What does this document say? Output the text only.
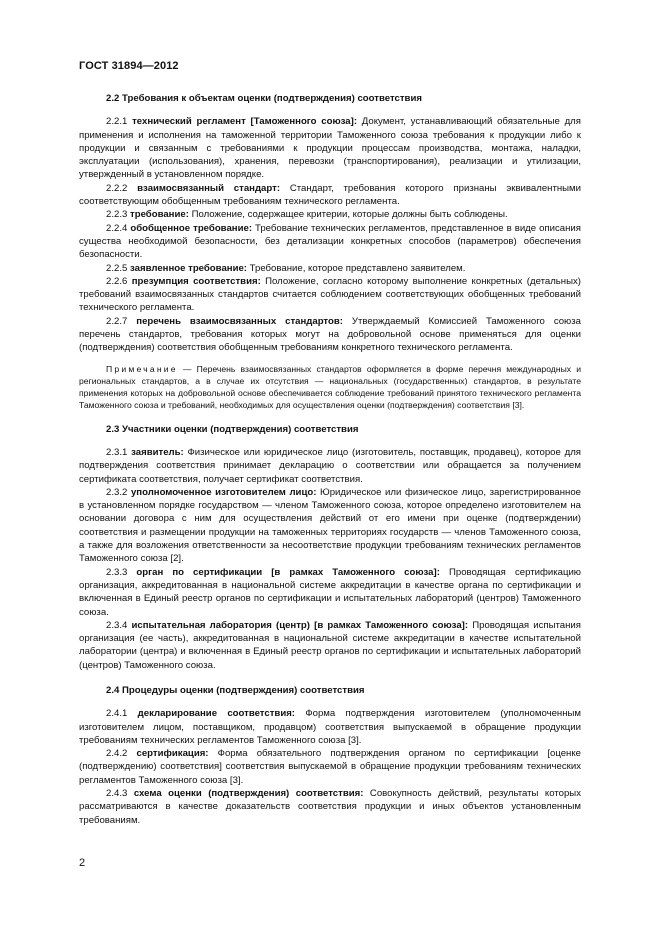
ГОСТ 31894—2012

2.2 Требования к объектам оценки (подтверждения) соответствия

2.2.1 технический регламент [Таможенного союза]: Документ, устанавливающий обязательные для применения и исполнения на таможенной территории Таможенного союза требования к продукции либо к продукции и связанным с требованиями к продукции процессам производства, монтажа, наладки, эксплуатации (использования), хранения, перевозки (транспортирования), реализации и утилизации, утвержденный в установленном порядке.

2.2.2 взаимосвязанный стандарт: Стандарт, требования которого признаны эквивалентными соответствующим обобщенным требованиям технического регламента.

2.2.3 требование: Положение, содержащее критерии, которые должны быть соблюдены.

2.2.4 обобщенное требование: Требование технических регламентов, представленное в виде описания существа необходимой безопасности, без детализации конкретных способов (параметров) обеспечения безопасности.

2.2.5 заявленное требование: Требование, которое представлено заявителем.

2.2.6 презумпция соответствия: Положение, согласно которому выполнение конкретных (детальных) требований взаимосвязанных стандартов считается соблюдением соответствующих обобщенных требований технического регламента.

2.2.7 перечень взаимосвязанных стандартов: Утверждаемый Комиссией Таможенного союза перечень стандартов, требования которых могут на добровольной основе применяться для оценки (подтверждения) соответствия обобщенным требованиям конкретного технического регламента.

Примечание — Перечень взаимосвязанных стандартов оформляется в форме перечня международных и региональных стандартов, а в случае их отсутствия — национальных (государственных) стандартов, в результате применения которых на добровольной основе обеспечивается соблюдение требований принятого технического регламента Таможенного союза и требований, необходимых для осуществления оценки (подтверждения) соответствия [3].

2.3 Участники оценки (подтверждения) соответствия

2.3.1 заявитель: Физическое или юридическое лицо (изготовитель, поставщик, продавец), которое для подтверждения соответствия принимает декларацию о соответствии или обращается за получением сертификата соответствия, получает сертификат соответствия.

2.3.2 уполномоченное изготовителем лицо: Юридическое или физическое лицо, зарегистрированное в установленном порядке государством — членом Таможенного союза, которое определено изготовителем на основании договора с ним для осуществления действий от его имени при оценке (подтверждении) соответствия и размещении продукции на таможенных территориях государств — членов Таможенного союза, а также для возложения ответственности за несоответствие продукции требованиям технических регламентов Таможенного союза [2].

2.3.3 орган по сертификации [в рамках Таможенного союза]: Проводящая сертификацию организация, аккредитованная в национальной системе аккредитации в качестве органа по сертификации и включенная в Единый реестр органов по сертификации и испытательных лабораторий (центров) Таможенного союза.

2.3.4 испытательная лаборатория (центр) [в рамках Таможенного союза]: Проводящая испытания организация (ее часть), аккредитованная в национальной системе аккредитации в качестве испытательной лаборатории (центра) и включенная в Единый реестр органов по сертификации и испытательных лабораторий (центров) Таможенного союза.

2.4 Процедуры оценки (подтверждения) соответствия

2.4.1 декларирование соответствия: Форма подтверждения изготовителем (уполномоченным изготовителем лицом, поставщиком, продавцом) соответствия выпускаемой в обращение продукции требованиям технических регламентов Таможенного союза [3].

2.4.2 сертификация: Форма обязательного подтверждения органом по сертификации [оценке (подтверждению) соответствия] соответствия выпускаемой в обращение продукции требованиям технических регламентов Таможенного союза [3].

2.4.3 схема оценки (подтверждения) соответствия: Совокупность действий, результаты которых рассматриваются в качестве доказательств соответствия продукции и иных объектов установленным требованиям.

2
